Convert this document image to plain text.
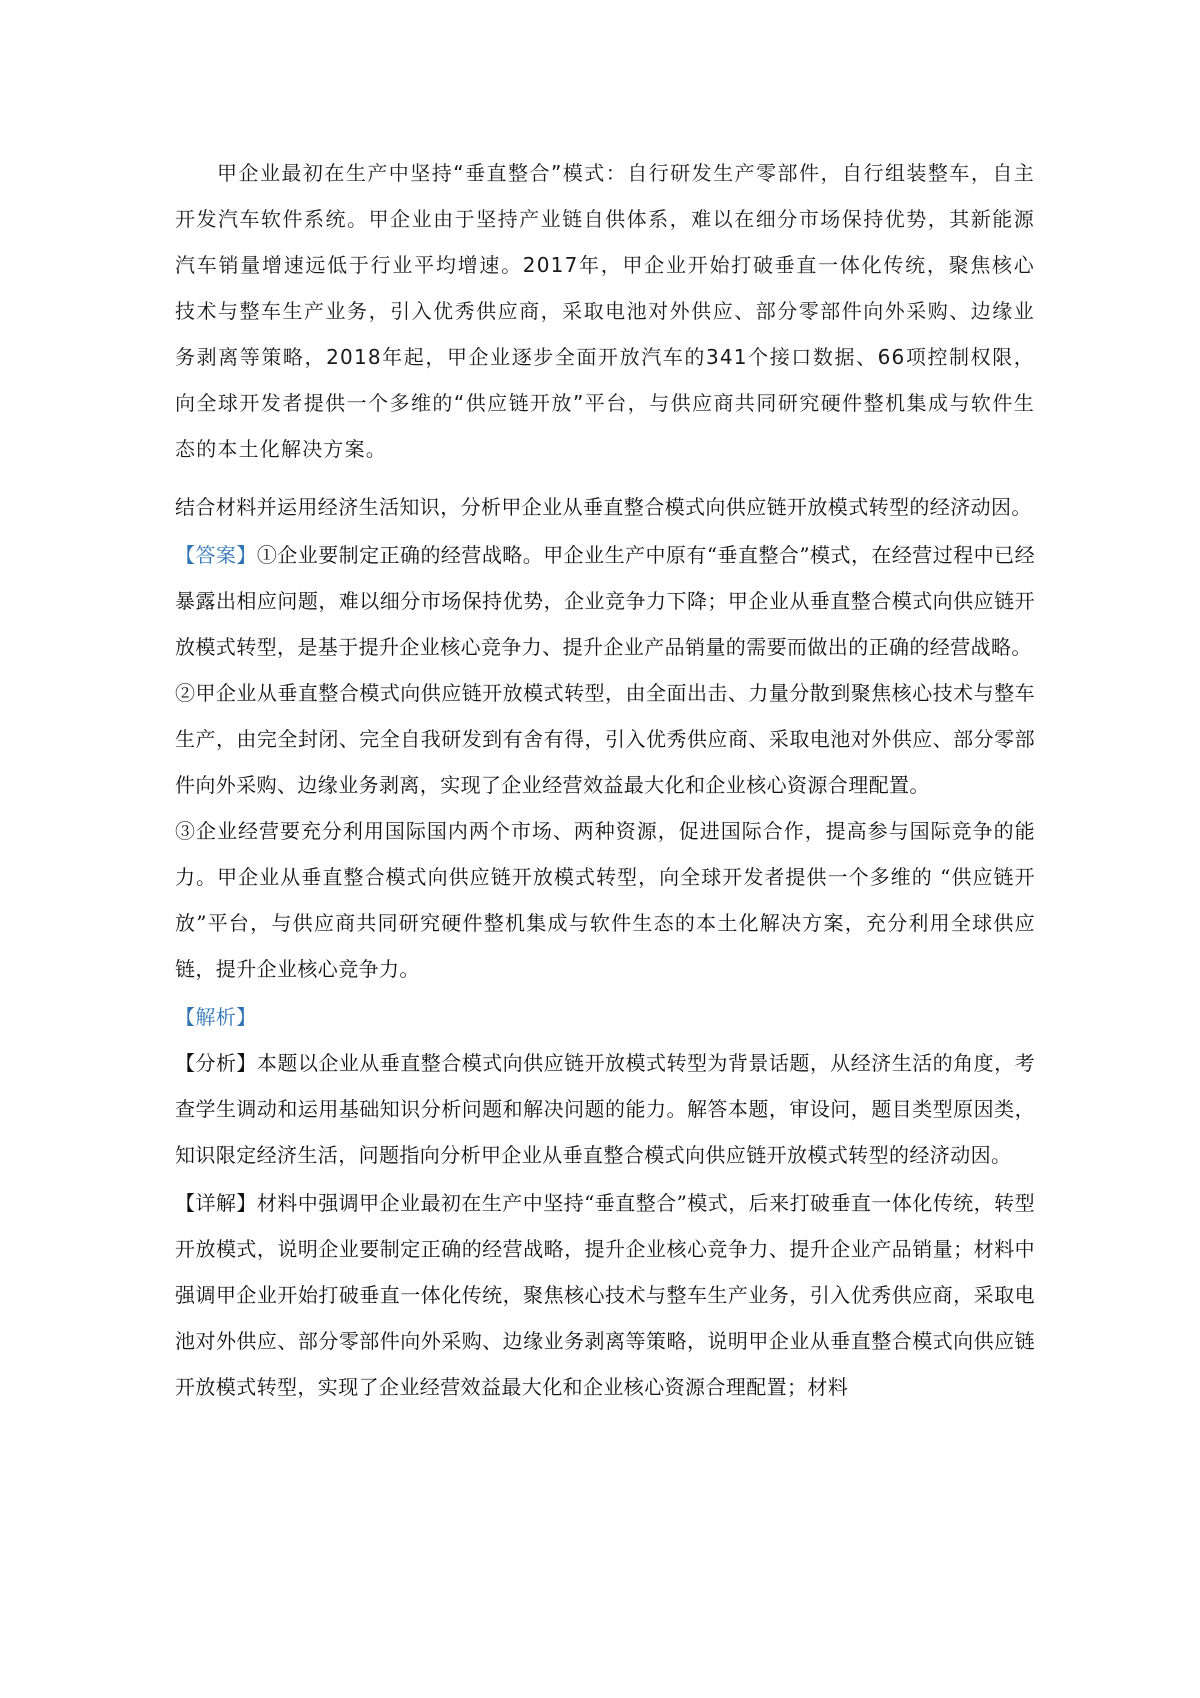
甲企业最初在生产中坚持“垂直整合”模式：自行研发生产零部件，自行组装整车，自主开发汽车软件系统。甲企业由于坚持产业链自供体系，难以在细分市场保持优势，其新能源汽车销量增速远低于行业平均增速。2017年，甲企业开始打破垂直一体化传统，聚焦核心技术与整车生产业务，引入优秀供应商，采取电池对外供应、部分零部件向外采购、边缘业务剥离等策略，2018年起，甲企业逐步全面开放汽车的341个接口数据、66项控制权限，向全球开发者提供一个多维的“供应链开放”平台，与供应商共同研究硬件整机集成与软件生态的本土化解决方案。

结合材料并运用经济生活知识，分析甲企业从垂直整合模式向供应链开放模式转型的经济动因。

【答案】①企业要制定正确的经营战略。甲企业生产中原有“垂直整合”模式，在经营过程中已经暴露出相应问题，难以细分市场保持优势，企业竞争力下降；甲企业从垂直整合模式向供应链开放模式转型，是基于提升企业核心竞争力、提升企业产品销量的需要而做出的正确的经营战略。

②甲企业从垂直整合模式向供应链开放模式转型，由全面出击、力量分散到聚焦核心技术与整车生产，由完全封闭、完全自我研发到有舍有得，引入优秀供应商、采取电池对外供应、部分零部件向外采购、边缘业务剥离，实现了企业经营效益最大化和企业核心资源合理配置。

③企业经营要充分利用国际国内两个市场、两种资源，促进国际合作，提高参与国际竞争的能力。甲企业从垂直整合模式向供应链开放模式转型，向全球开发者提供一个多维的 “供应链开放”平台，与供应商共同研究硬件整机集成与软件生态的本土化解决方案，充分利用全球供应链，提升企业核心竞争力。

【解析】

【分析】本题以企业从垂直整合模式向供应链开放模式转型为背景话题，从经济生活的角度，考查学生调动和运用基础知识分析问题和解决问题的能力。解答本题，审设问，题目类型原因类，知识限定经济生活，问题指向分析甲企业从垂直整合模式向供应链开放模式转型的经济动因。

【详解】材料中强调甲企业最初在生产中坚持“垂直整合”模式，后来打破垂直一体化传统，转型开放模式，说明企业要制定正确的经营战略，提升企业核心竞争力、提升企业产品销量；材料中强调甲企业开始打破垂直一体化传统，聚焦核心技术与整车生产业务，引入优秀供应商，采取电池对外供应、部分零部件向外采购、边缘业务剥离等策略，说明甲企业从垂直整合模式向供应链开放模式转型，实现了企业经营效益最大化和企业核心资源合理配置；材料
